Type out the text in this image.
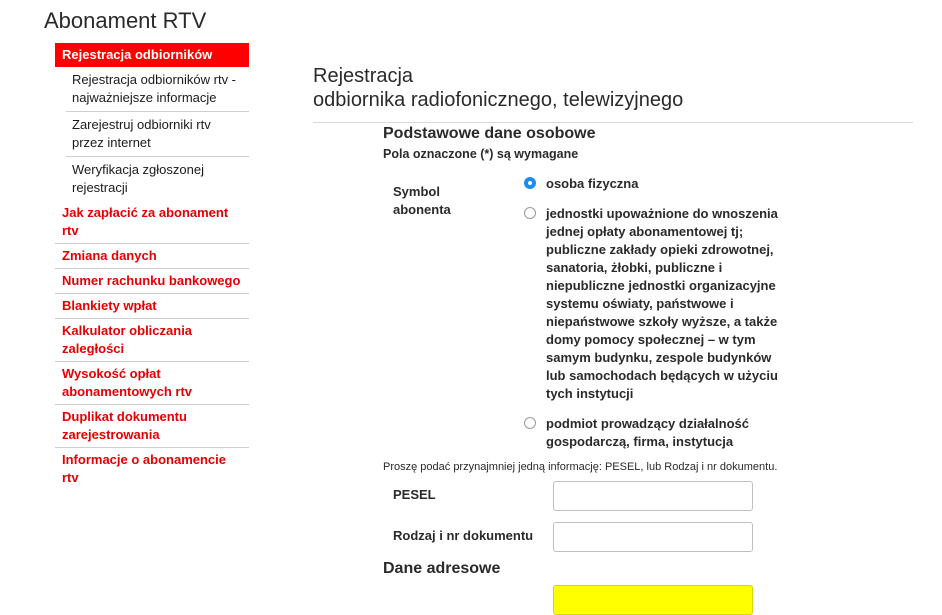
Abonament RTV
Rejestracja odbiorników
Rejestracja odbiorników rtv - najważniejsze informacje
Zarejestruj odbiorniki rtv przez internet
Weryfikacja zgłoszonej rejestracji
Jak zapłacić za abonament rtv
Zmiana danych
Numer rachunku bankowego
Blankiety wpłat
Kalkulator obliczania zaległości
Wysokość opłat abonamentowych rtv
Duplikat dokumentu zarejestrowania
Informacje o abonamencie rtv
Rejestracja
odbiornika radiofonicznego, telewizyjnego
Podstawowe dane osobowe
Pola oznaczone (*) są wymagane
Symbol abonenta
osoba fizyczna
jednostki upoważnione do wnoszenia jednej opłaty abonamentowej tj; publiczne zakłady opieki zdrowotnej, sanatoria, żłobki, publiczne i niepubliczne jednostki organizacyjne systemu oświaty, państwowe i niepaństwowe szkoły wyższe, a także domy pomocy społecznej – w tym samym budynku, zespole budynków lub samochodach będących w użyciu tych instytucji
podmiot prowadzący działalność gospodarczą, firma, instytucja
Proszę podać przynajmniej jedną informację: PESEL, lub Rodzaj i nr dokumentu.
PESEL
Rodzaj i nr dokumentu
Dane adresowe
